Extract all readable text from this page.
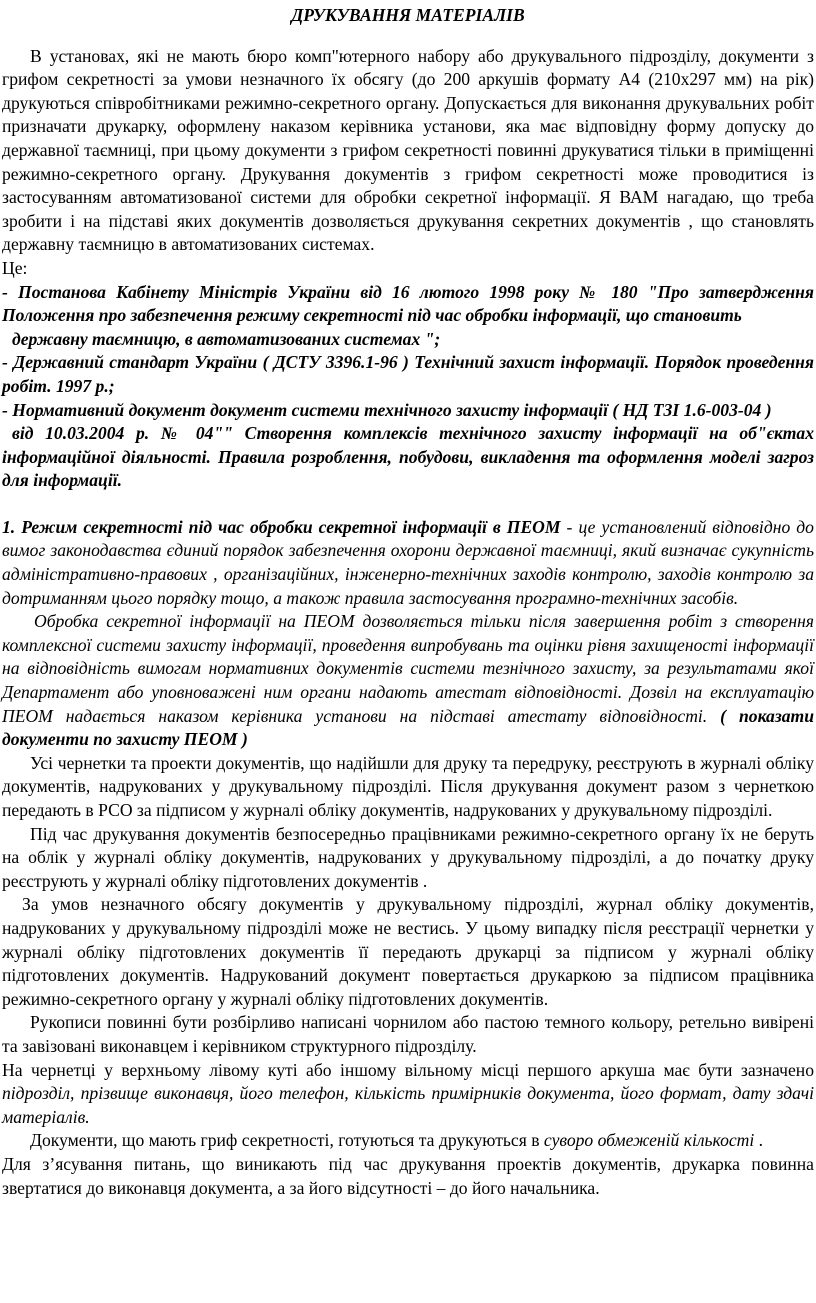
ДРУКУВАННЯ МАТЕРІАЛІВ

В установах, які не мають бюро комп"ютерного набору або друкувального підрозділу, документи з грифом секретності за умови незначного їх обсягу (до 200 аркушів формату А4 (210х297 мм) на рік) друкуються співробітниками режимно-секретного органу. Допускається для виконання друкувальних робіт призначати друкарку, оформлену наказом керівника установи, яка має відповідну форму допуску до державної таємниці, при цьому документи з грифом секретності повинні друкуватися тільки в приміщенні режимно-секретного органу. Друкування документів з грифом секретності може проводитися із застосуванням автоматизованої системи для обробки секретної інформації. Я ВАМ нагадаю, що треба зробити і на підставі яких документів дозволяється друкування секретних документів , що становлять державну таємницю в автоматизованих системах.

Це:

- Постанова Кабінету Міністрів України від 16 лютого 1998 року № 180 "Про затвердження Положення про забезпечення режиму секретності під час обробки інформації, що становить

державну таємницю, в автоматизованих системах ";

- Державний стандарт України ( ДСТУ 3396.1-96 ) Технічний захист інформації. Порядок проведення робіт. 1997 р.;

- Нормативний документ документ системи технічного захисту інформації ( НД ТЗІ 1.6-003-04 )

від 10.03.2004 р. № 04"" Створення комплексів технічного захисту інформації на об"єктах інформаційної діяльності. Правила розроблення, побудови, викладення та оформлення моделі загроз для інформації.

1. Режим секретності під час обробки секретної інформації в ПЕОМ - це установлений відповідно до вимог законодавства єдиний порядок забезпечення охорони державної таємниці, який визначає сукупність адміністративно-правових , організаційних, інженерно-технічних заходів контролю, заходів контролю за дотриманням цього порядку тощо, а також правила застосування програмно-технічних засобів.

Обробка секретної інформації на ПЕОМ дозволяється тільки після завершення робіт з створення комплексної системи захисту інформації, проведення випробувань та оцінки рівня захищеності інформації на відповідність вимогам нормативних документів системи тезнічного захисту, за результатами якої Департамент або уповноважені ним органи надають атестат відповідності. Дозвіл на експлуатацію ПЕОМ надається наказом керівника установи на підставі атестату відповідності. ( показати документи по захисту ПЕОМ )

Усі чернетки та проекти документів, що надійшли для друку та передруку, реєструють в журналі обліку документів, надрукованих у друкувальному підрозділі. Після друкування документ разом з чернеткою передають в РСО за підписом у журналі обліку документів, надрукованих у друкувальному підрозділі.

Під час друкування документів безпосередньо працівниками режимно-секретного органу їх не беруть на облік у журналі обліку документів, надрукованих у друкувальному підрозділі, а до початку друку реєструють у журналі обліку підготовлених документів .

За умов незначного обсягу документів у друкувальному підрозділі, журнал обліку документів, надрукованих у друкувальному підрозділі може не вестись. У цьому випадку після реєстрації чернетки у журналі обліку підготовлених документів її передають друкарці за підписом у журналі обліку підготовлених документів. Надрукований документ повертається друкаркою за підписом працівника режимно-секретного органу у журналі обліку підготовлених документів.

Рукописи повинні бути розбірливо написані чорнилом або пастою темного кольору, ретельно вивірені та завізовані виконавцем і керівником структурного підрозділу.

На чернетці у верхньому лівому куті або іншому вільному місці першого аркуша має бути зазначено підрозділ, прізвище виконавця, його телефон, кількість примірників документа, його формат, дату здачі матеріалів.

Документи, що мають гриф секретності, готуються та друкуються в суворо обмеженій кількості .

Для з’ясування питань, що виникають під час друкування проектів документів, друкарка повинна звертатися до виконавця документа, а за його відсутності – до його начальника.
